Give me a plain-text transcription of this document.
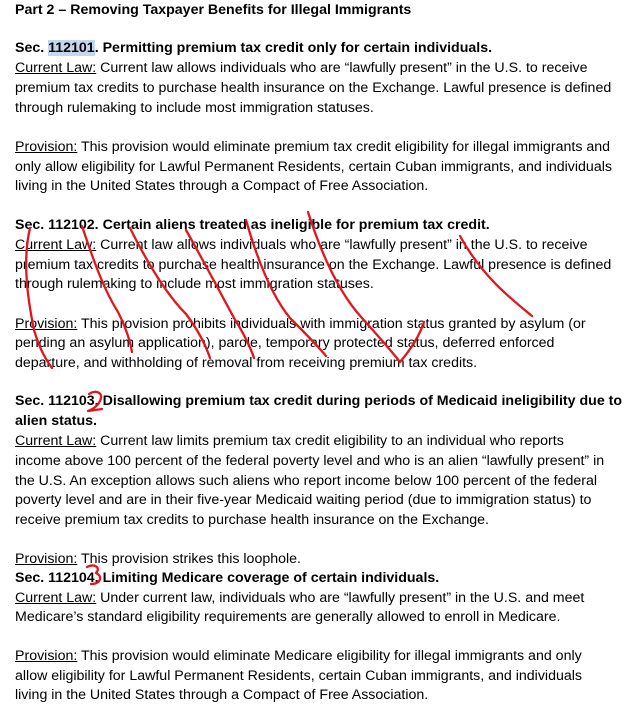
Part 2 – Removing Taxpayer Benefits for Illegal Immigrants
Sec. 112101. Permitting premium tax credit only for certain individuals.
Current Law: Current law allows individuals who are “lawfully present” in the U.S. to receive
premium tax credits to purchase health insurance on the Exchange. Lawful presence is defined
through rulemaking to include most immigration statuses.
Provision: This provision would eliminate premium tax credit eligibility for illegal immigrants and
only allow eligibility for Lawful Permanent Residents, certain Cuban immigrants, and individuals
living in the United States through a Compact of Free Association.
Sec. 112102. Certain aliens treated as ineligible for premium tax credit.
Current Law: Current law allows individuals who are “lawfully present” in the U.S. to receive
premium tax credits to purchase health insurance on the Exchange. Lawful presence is defined
through rulemaking to include most immigration statuses.
Provision: This provision prohibits individuals with immigration status granted by asylum (or
pending an asylum application), parole, temporary protected status, deferred enforced
departure, and withholding of removal from receiving premium tax credits.
Sec. 112103. Disallowing premium tax credit during periods of Medicaid ineligibility due to
alien status.
Current Law: Current law limits premium tax credit eligibility to an individual who reports
income above 100 percent of the federal poverty level and who is an alien “lawfully present” in
the U.S. An exception allows such aliens who report income below 100 percent of the federal
poverty level and are in their five-year Medicaid waiting period (due to immigration status) to
receive premium tax credits to purchase health insurance on the Exchange.
Provision: This provision strikes this loophole.
Sec. 112104. Limiting Medicare coverage of certain individuals.
Current Law: Under current law, individuals who are “lawfully present” in the U.S. and meet
Medicare’s standard eligibility requirements are generally allowed to enroll in Medicare.
Provision: This provision would eliminate Medicare eligibility for illegal immigrants and only
allow eligibility for Lawful Permanent Residents, certain Cuban immigrants, and individuals
living in the United States through a Compact of Free Association.
